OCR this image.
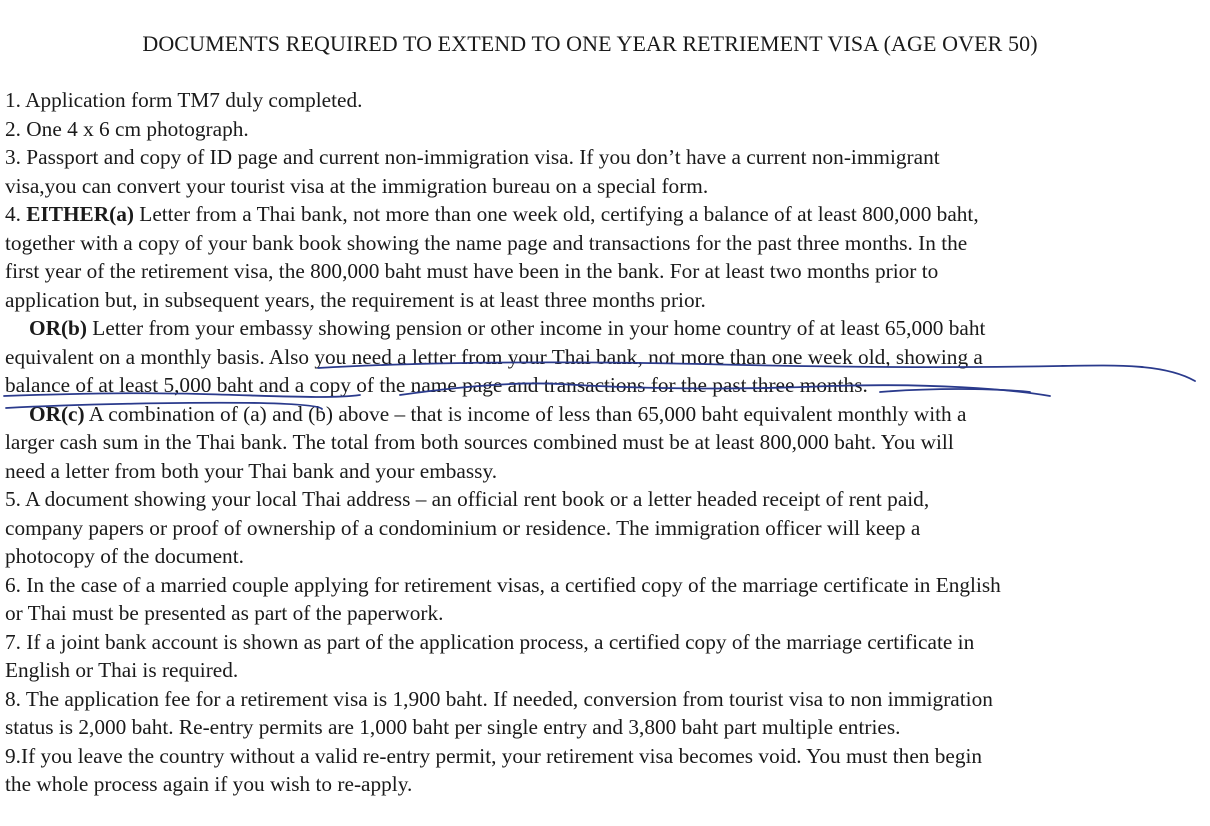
DOCUMENTS REQUIRED TO EXTEND TO ONE YEAR RETRIEMENT VISA (AGE OVER 50)
1. Application form TM7 duly completed.
2. One 4 x 6 cm photograph.
3. Passport and copy of ID page and current non-immigration visa. If you don’t have a current non-immigrant
visa,you can convert your tourist visa at the immigration bureau on a special form.
4. EITHER(a) Letter from a Thai bank, not more than one week old, certifying a balance of at least 800,000 baht,
together with a copy of your bank book showing the name page and transactions for the past three months. In the
first year of the retirement visa, the 800,000 baht must have been in the bank. For at least two months prior to
application but, in subsequent years, the requirement is at least three months prior.
OR(b) Letter from your embassy showing pension or other income in your home country of at least 65,000 baht
equivalent on a monthly basis. Also you need a letter from your Thai bank, not more than one week old, showing a
balance of at least 5,000 baht and a copy of the name page and transactions for the past three months.
OR(c) A combination of (a) and (b) above – that is income of less than 65,000 baht equivalent monthly with a
larger cash sum in the Thai bank. The total from both sources combined must be at least 800,000 baht. You will
need a letter from both your Thai bank and your embassy.
5. A document showing your local Thai address – an official rent book or a letter headed receipt of rent paid,
company papers or proof of ownership of a condominium or residence. The immigration officer will keep a
photocopy of the document.
6. In the case of a married couple applying for retirement visas, a certified copy of the marriage certificate in English
or Thai must be presented as part of the paperwork.
7. If a joint bank account is shown as part of the application process, a certified copy of the marriage certificate in
English or Thai is required.
8. The application fee for a retirement visa is 1,900 baht. If needed, conversion from tourist visa to non immigration
status is 2,000 baht. Re-entry permits are 1,000 baht per single entry and 3,800 baht part multiple entries.
9.If you leave the country without a valid re-entry permit, your retirement visa becomes void. You must then begin
the whole process again if you wish to re-apply.
